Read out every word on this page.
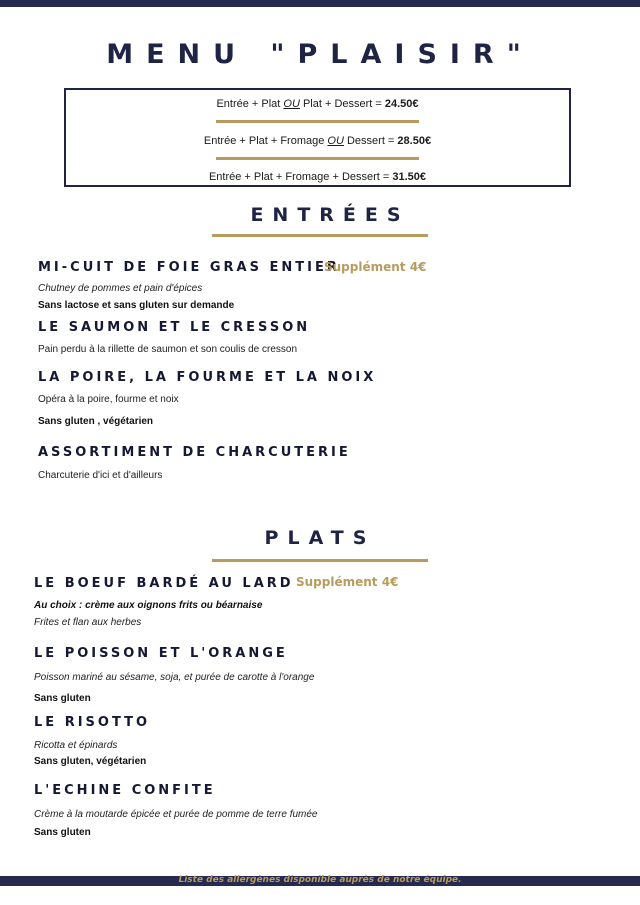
MENU "PLAISIR"
Entrée + Plat OU Plat + Dessert = 24.50€
Entrée + Plat + Fromage OU Dessert = 28.50€
Entrée + Plat + Fromage + Dessert = 31.50€
ENTRÉES
MI-CUIT DE FOIE GRAS ENTIER
Supplément 4€
Chutney de pommes et pain d'épices
Sans lactose et sans gluten sur demande
LE SAUMON ET LE CRESSON
Pain perdu à la rillette de saumon et son coulis de cresson
LA POIRE, LA FOURME ET LA NOIX
Opéra à la poire, fourme et noix
Sans gluten , végétarien
ASSORTIMENT DE CHARCUTERIE
Charcuterie d'ici et d'ailleurs
PLATS
LE BOEUF BARDÉ AU LARD Supplément 4€
Au choix : crème aux oignons frits ou béarnaise
Frites et flan aux herbes
LE POISSON ET L'ORANGE
Poisson mariné au sésame, soja, et purée de carotte à l'orange
Sans gluten
LE RISOTTO
Ricotta et épinards
Sans gluten, végétarien
L'ECHINE CONFITE
Crème à la moutarde épicée et purée de pomme de terre fumée
Sans gluten
Liste des allergènes disponible auprès de notre équipe.
